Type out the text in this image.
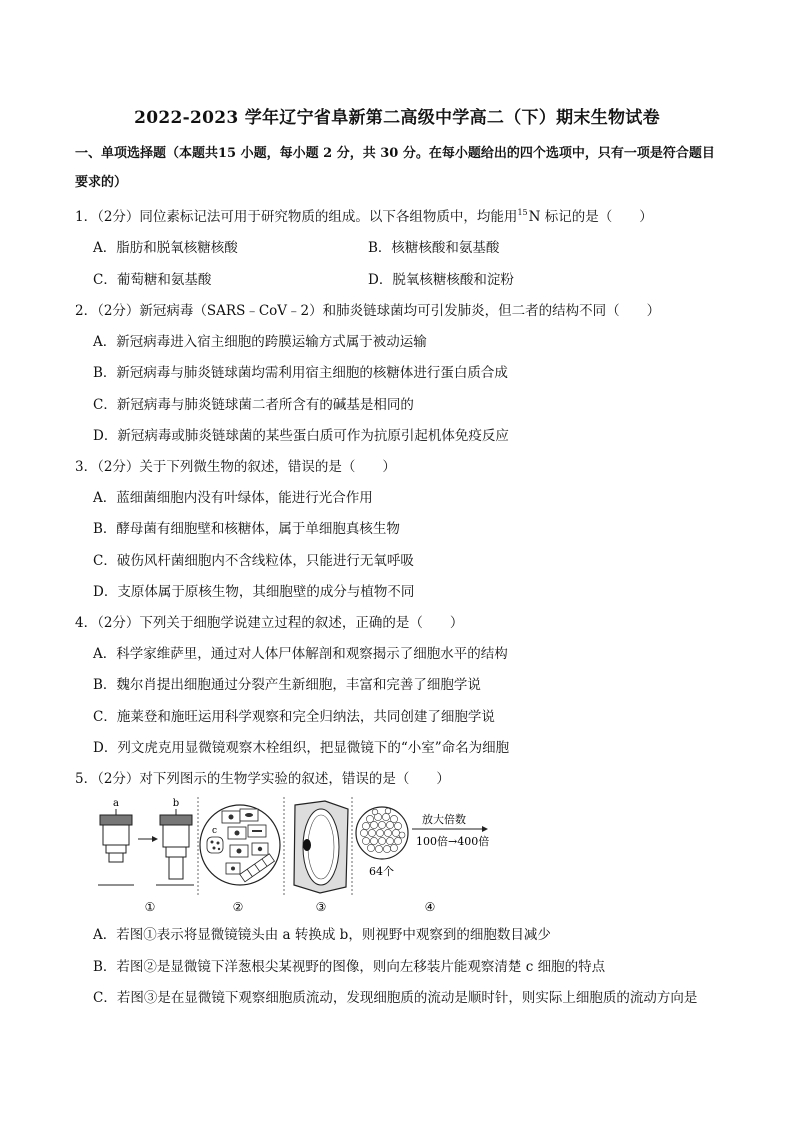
2022-2023 学年辽宁省阜新第二高级中学高二（下）期末生物试卷
一、单项选择题（本题共15 小题，每小题 2 分，共 30 分。在每小题给出的四个选项中，只有一项是符合题目要求的）
1．（2分）同位素标记法可用于研究物质的组成。以下各组物质中，均能用$^{15}$N 标记的是（　　）
A．脂肪和脱氧核糖核酸	B．核糖核酸和氨基酸
C．葡萄糖和氨基酸	D．脱氧核糖核酸和淀粉
2．（2分）新冠病毒（SARS﹣CoV﹣2）和肺炎链球菌均可引发肺炎，但二者的结构不同（　　）
A．新冠病毒进入宿主细胞的跨膜运输方式属于被动运输
B．新冠病毒与肺炎链球菌均需利用宿主细胞的核糖体进行蛋白质合成
C．新冠病毒与肺炎链球菌二者所含有的碱基是相同的
D．新冠病毒或肺炎链球菌的某些蛋白质可作为抗原引起机体免疫反应
3．（2分）关于下列微生物的叙述，错误的是（　　）
A．蓝细菌细胞内没有叶绿体，能进行光合作用
B．酵母菌有细胞壁和核糖体，属于单细胞真核生物
C．破伤风杆菌细胞内不含线粒体，只能进行无氧呼吸
D．支原体属于原核生物，其细胞壁的成分与植物不同
4．（2分）下列关于细胞学说建立过程的叙述，正确的是（　　）
A．科学家维萨里，通过对人体尸体解剖和观察揭示了细胞水平的结构
B．魏尔肖提出细胞通过分裂产生新细胞，丰富和完善了细胞学说
C．施莱登和施旺运用科学观察和完全归纳法，共同创建了细胞学说
D．列文虎克用显微镜观察木栓组织，把显微镜下的“小室”命名为细胞
5．（2分）对下列图示的生物学实验的叙述，错误的是（　　）
a	b
c
64个
放大倍数
100倍→400倍
①	②	③	④
A．若图①表示将显微镜镜头由 a 转换成 b，则视野中观察到的细胞数目减少
B．若图②是显微镜下洋葱根尖某视野的图像，则向左移装片能观察清楚 c 细胞的特点
C．若图③是在显微镜下观察细胞质流动，发现细胞质的流动是顺时针，则实际上细胞质的流动方向是
